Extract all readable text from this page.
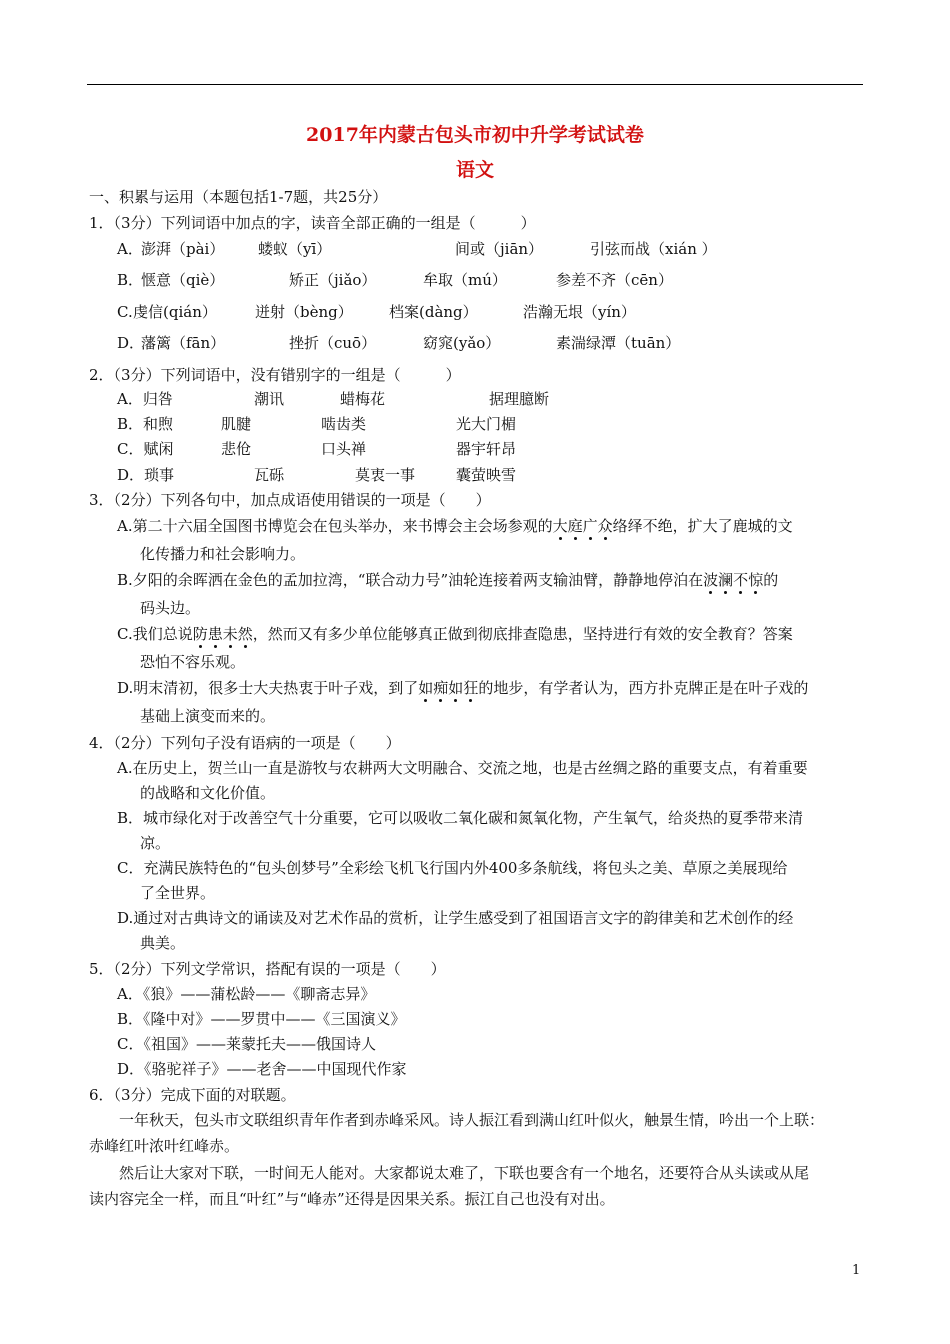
2017年内蒙古包头市初中升学考试试卷
语文
一、积累与运用（本题包括1-7题，共25分）
1．（3分）下列词语中加点的字，读音全部正确的一组是（　　　）
A．
澎湃（pài） 蝼蚁（yī）	间或（jiān）	引弦而战（xián ）
B．
惬意（qiè）	矫正（jiǎo）	牟取（mú）	参差不齐（cēn）
C. 虔信(qián）	迸射（bèng） 档案(dàng）	浩瀚无垠（yín）
D．
藩篱（fān）	挫折（cuō）	窈窕(yǎo）	素湍绿潭（tuān）
2．（3分）下列词语中，没有错别字的一组是（　　　）
A．归咎	潮讯	蜡梅花	据理臆断
B．和煦	肌腱	啮齿类	光大门楣
C．赋闲	悲伧	口头禅	器宇轩昂
D．琐事	瓦砾	莫衷一事	囊萤映雪
3．（2分）下列各句中，加点成语使用错误的一项是（　　）
A.第二十六届全国图书博览会在包头举办，来书博会主会场参观的大庭广众络绎不绝，扩大了鹿城的文
化传播力和社会影响力。
B.夕阳的余晖洒在金色的孟加拉湾，“联合动力号”油轮连接着两支输油臂，静静地停泊在波澜不惊的
码头边。
C.我们总说防患未然，然而又有多少单位能够真正做到彻底排查隐患，坚持进行有效的安全教育？答案
恐怕不容乐观。
D.明末清初，很多士大夫热衷于叶子戏，到了如痴如狂的地步，有学者认为，西方扑克牌正是在叶子戏的
基础上演变而来的。
4．（2分）下列句子没有语病的一项是（　　）
A.在历史上，贺兰山一直是游牧与农耕两大文明融合、交流之地，也是古丝绸之路的重要支点，有着重要
的战略和文化价值。
B．城市绿化对于改善空气十分重要，它可以吸收二氧化碳和氮氧化物，产生氧气，给炎热的夏季带来清
凉。
C．充满民族特色的“包头创梦号”全彩绘飞机飞行国内外400多条航线，将包头之美、草原之美展现给
了全世界。
D.通过对古典诗文的诵读及对艺术作品的赏析，让学生感受到了祖国语言文字的韵律美和艺术创作的经
典美。
5．（2分）下列文学常识，搭配有误的一项是（　　）
A．《狼》——蒲松龄——《聊斋志异》
B．《隆中对》——罗贯中——《三国演义》
C．《祖国》——莱蒙托夫——俄国诗人
D．《骆驼祥子》——老舍——中国现代作家
6．（3分）完成下面的对联题。
一年秋天，包头市文联组织青年作者到赤峰采风。诗人振江看到满山红叶似火，触景生情，吟出一个上联：
赤峰红叶浓叶红峰赤。
然后让大家对下联，一时间无人能对。大家都说太难了，下联也要含有一个地名，还要符合从头读或从尾
读内容完全一样，而且“叶红”与“峰赤”还得是因果关系。振江自己也没有对出。
1
